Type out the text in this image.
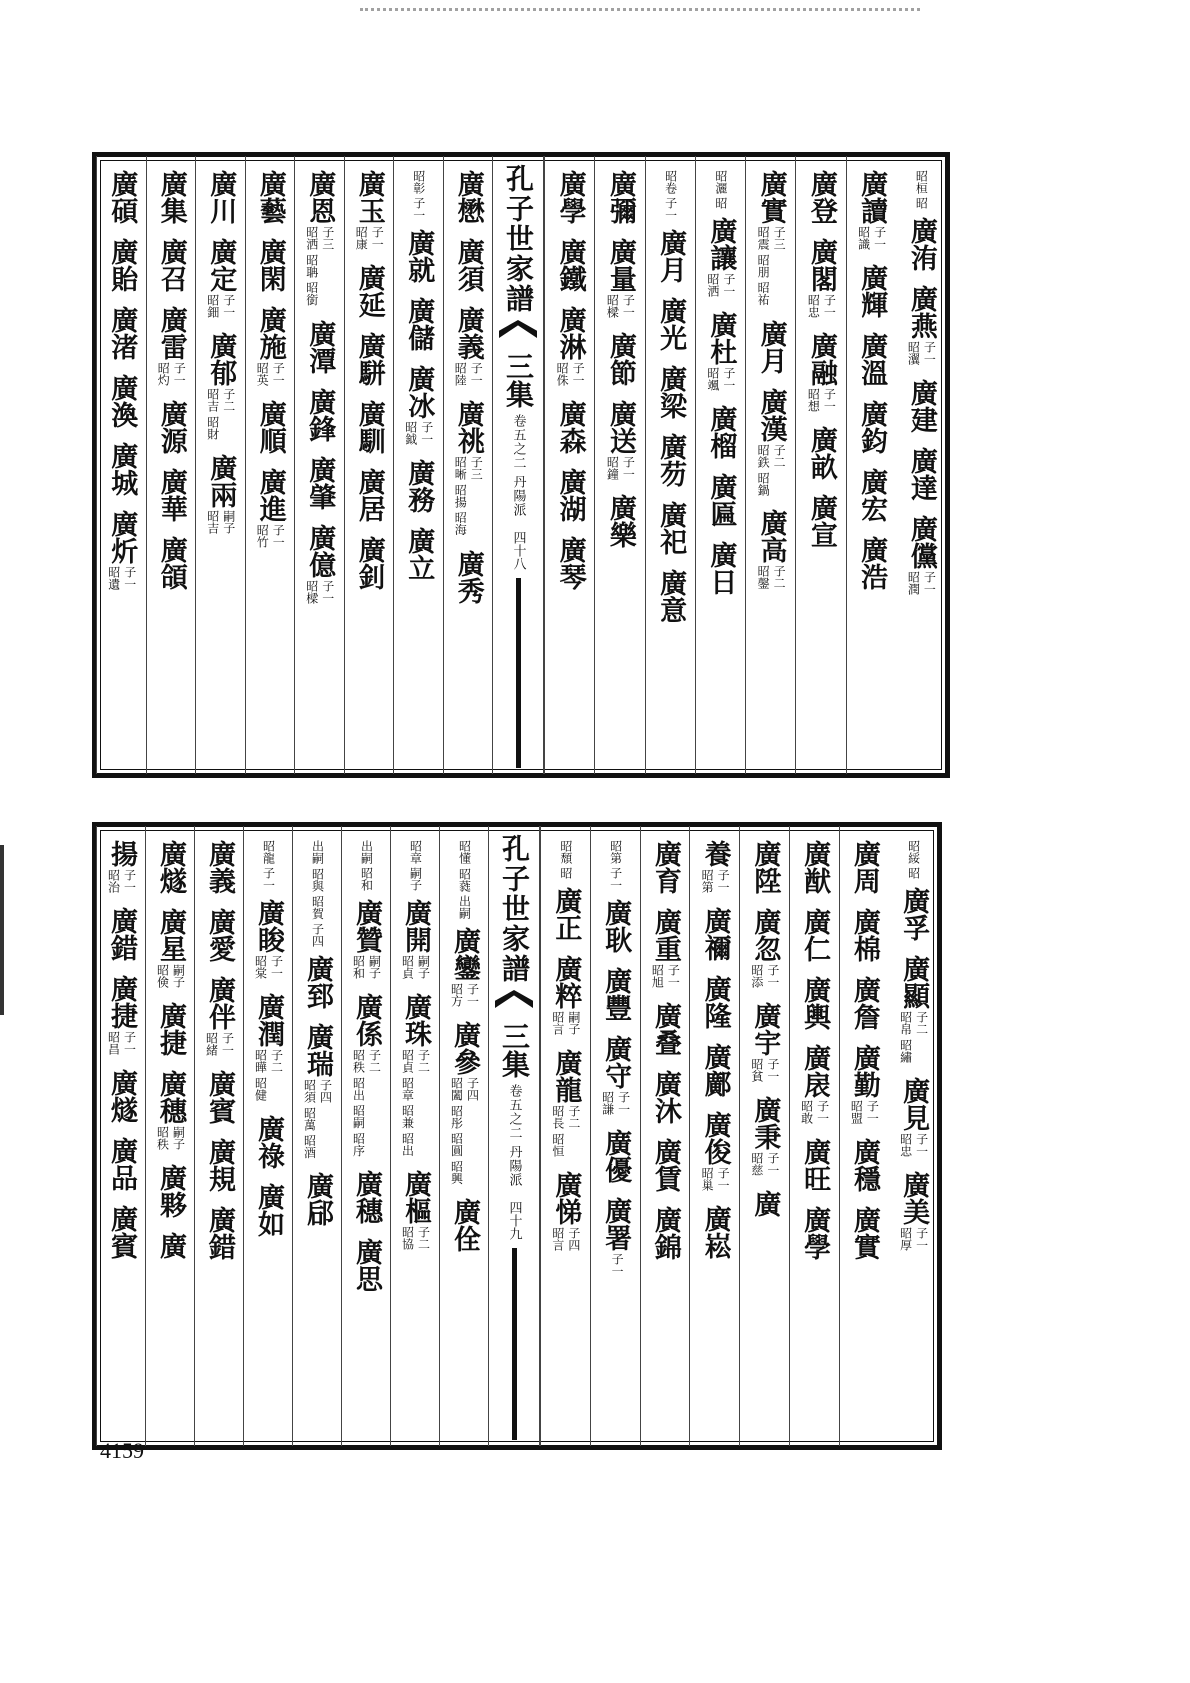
廣碩
廣貽
廣渚
廣渙
廣城
廣炘
子一
昭遺
廣集
廣召
廣雷
子一
昭灼
廣源
廣華
廣頜
廣川
廣定
子一
昭鈿
廣郁
子二
昭吉 昭財
廣兩
嗣子
昭吉
廣藝
廣閑
廣施
子一
昭英
廣順
廣進
子一
昭竹
廣恩
子三
昭洒 昭聃 昭銜
廣潭
廣鋒
廣肇
廣億
子一
昭樑
廣玉
子一
昭康
廣延
廣駢
廣馴
廣居
廣釗
子一
昭彰
廣就
廣儲
廣冰
子一
昭鉞
廣務
廣立
廣懋
廣須
廣義
子一
昭陸
廣祧
子三
昭晰 昭揚 昭海
廣秀
孔子世家譜
三集
卷五之二 丹陽派
四十八
廣學
廣鐵
廣淋
子一
昭侏
廣森
廣湖
廣琴
廣彌
廣量
子一
昭樑
廣節
廣送
子一
昭鐘
廣樂
子一
昭卷
廣月
廣光
廣梁
廣芴
廣祀
廣意
昭
昭灑
廣讓
子一
昭洒
廣杜
子一
昭颯
廣榴
廣匾
廣日
廣實
子三
昭震 昭朋 昭祐
廣月
廣漢
子二
昭鉄 昭鍋
廣高
子二
昭鏧
廣登
廣閣
子一
昭忠
廣融
子一
昭想
廣畝
廣宣
廣讀
子一
昭識
廣輝
廣溫
廣鈞
廣宏
廣浩
昭
昭桓
廣洧
廣燕
子一
昭瀷
廣建
廣達
廣儻
子一
昭潤
揚
子一
昭治
廣錯
廣捷
子一
昭昌
廣燧
廣品
廣賓
廣燧
廣星
嗣子
昭倹
廣捷
廣穗
嗣子
昭秩
廣夥
廣
廣義
廣愛
廣伴
子一
昭緒
廣賓
廣規
廣錯
子一
昭龍
廣睃
子一
昭棠
廣潤
子二
昭曄 昭健
廣祿
廣如
子四
出嗣 昭與 昭賀
廣郅
廣瑞
子四
昭須 昭萬 昭酒
廣郈
昭和
出嗣
廣贊
嗣子
昭和
廣係
子二
昭秩 昭出 昭嗣 昭序
廣穗
廣思
嗣子
昭章
廣開
嗣子
昭貞
廣珠
子二
昭貞 昭章 昭兼 昭出
廣樞
子二
昭協
出嗣
昭懂 昭蕤
廣鑾
子一
昭方
廣參
子四
昭闔 昭彤 昭圓 昭興
廣佺
孔子世家譜
三集
卷五之二 丹陽派
四十九
昭
昭頹
廣正
廣粹
嗣子
昭言
廣龍
子二
昭長 昭恒
廣悌
子四
昭言
子一
昭第
廣耿
廣豐
廣守
子一
昭謙
廣優
廣署
子一
廣育
廣重
子一
昭旭
廣叠
廣沐
廣賃
廣錦
養
子一
昭第
廣禰
廣隆
廣鄺
廣俊
子一
昭巢
廣崧
廣陞
廣忽
子一
昭添
廣宇
子一
昭貧
廣秉
子一
昭慈
廣
廣猷
廣仁
廣輿
廣扆
子一
昭敢
廣旺
廣學
廣周
廣棉
廣詹
廣勤
子一
昭盟
廣穩
廣實
昭
昭綏
廣孚
廣顯
子二
昭帛 昭繡
廣見
子一
昭忠
廣美
子一
昭厚
4159
